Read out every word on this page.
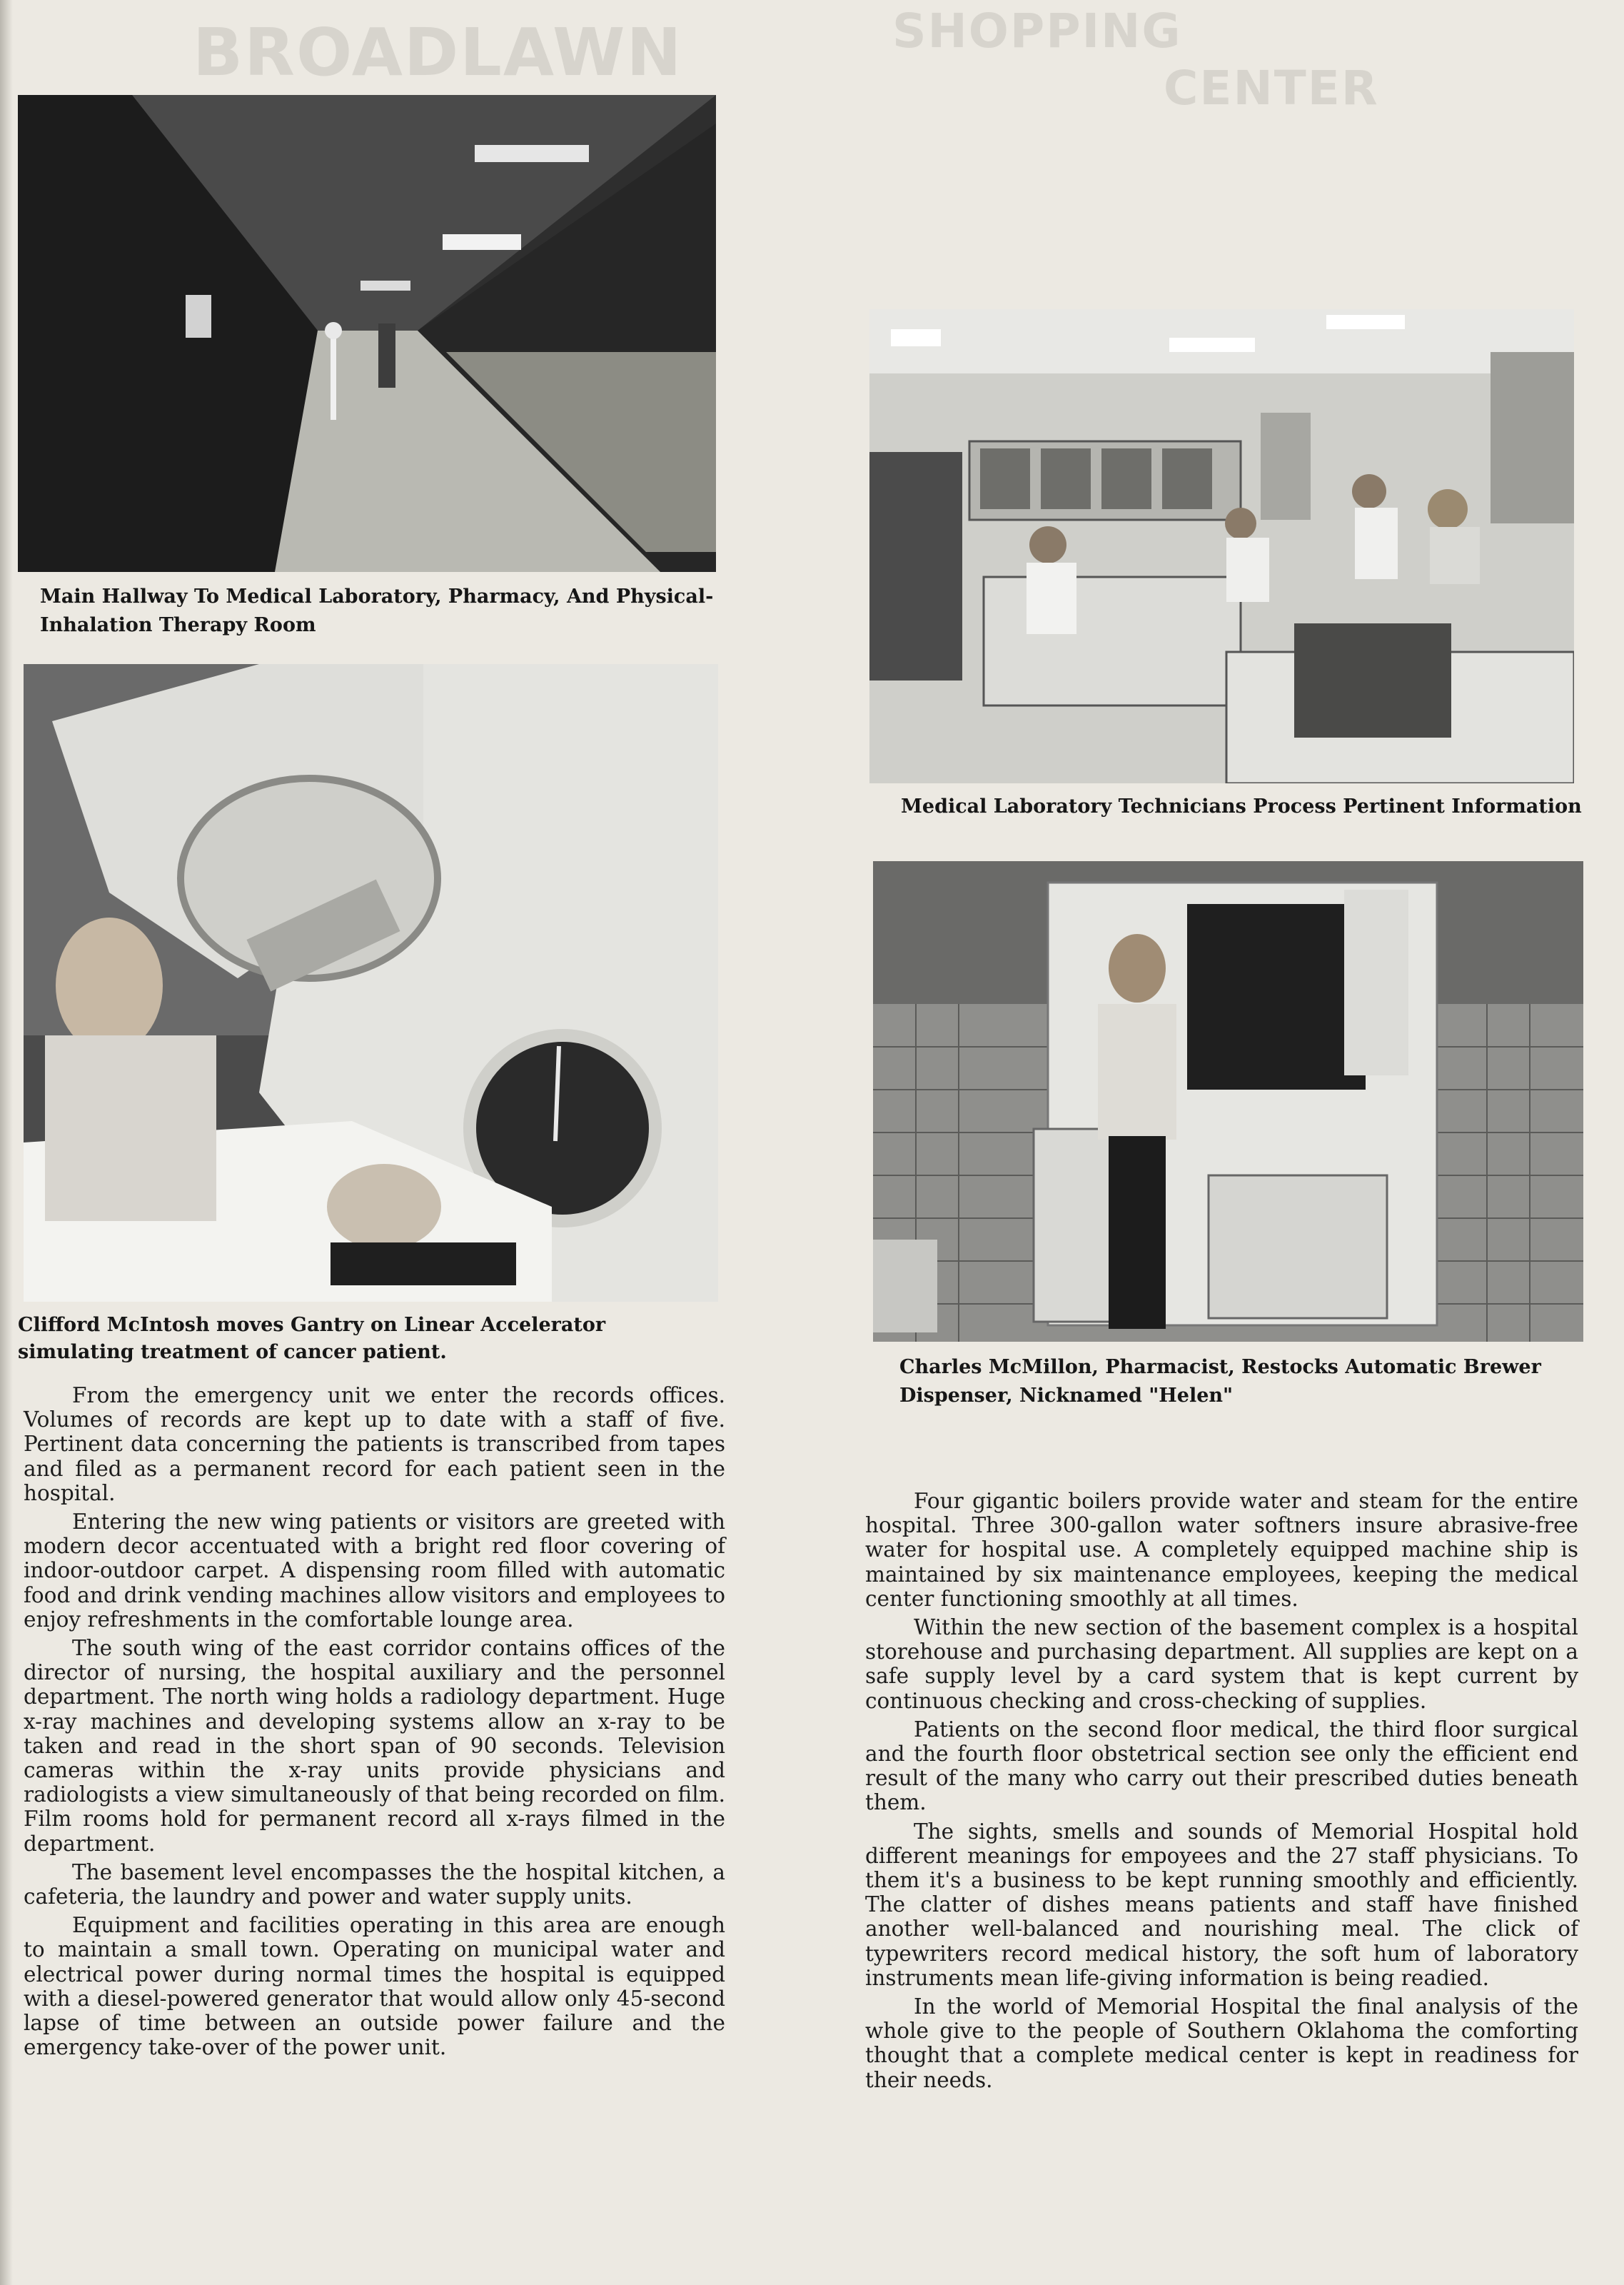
BROADLAWN	SHOPPING
CENTER
Main Hallway To Medical Laboratory, Pharmacy, And Physical-Inhalation Therapy Room
Clifford McIntosh moves Gantry on Linear Accelerator simulating treatment of cancer patient.
Medical Laboratory Technicians Process Pertinent Information
Charles McMillon, Pharmacist, Restocks Automatic Brewer Dispenser, Nicknamed "Helen"

From the emergency unit we enter the records offices. Volumes of records are kept up to date with a staff of five. Pertinent data concerning the patients is transcribed from tapes and filed as a permanent record for each patient seen in the hospital.

Entering the new wing patients or visitors are greeted with modern decor accentuated with a bright red floor covering of indoor-outdoor carpet. A dispensing room filled with automatic food and drink vending machines allow visitors and employees to enjoy refreshments in the comfortable lounge area.

The south wing of the east corridor contains offices of the director of nursing, the hospital auxiliary and the personnel department. The north wing holds a radiology department. Huge x-ray machines and developing systems allow an x-ray to be taken and read in the short span of 90 seconds. Television cameras within the x-ray units provide physicians and radiologists a view simultaneously of that being recorded on film. Film rooms hold for permanent record all x-rays filmed in the department.

The basement level encompasses the the hospital kitchen, a cafeteria, the laundry and power and water supply units.

Equipment and facilities operating in this area are enough to maintain a small town. Operating on municipal water and electrical power during normal times the hospital is equipped with a diesel-powered generator that would allow only 45-second lapse of time between an outside power failure and the emergency take-over of the power unit.

Four gigantic boilers provide water and steam for the entire hospital. Three 300-gallon water softners insure abrasive-free water for hospital use. A completely equipped machine ship is maintained by six maintenance employees, keeping the medical center functioning smoothly at all times.

Within the new section of the basement complex is a hospital storehouse and purchasing department. All supplies are kept on a safe supply level by a card system that is kept current by continuous checking and cross-checking of supplies.

Patients on the second floor medical, the third floor surgical and the fourth floor obstetrical section see only the efficient end result of the many who carry out their prescribed duties beneath them.

The sights, smells and sounds of Memorial Hospital hold different meanings for empoyees and the 27 staff physicians. To them it's a business to be kept running smoothly and efficiently. The clatter of dishes means patients and staff have finished another well-balanced and nourishing meal. The click of typewriters record medical history, the soft hum of laboratory instruments mean life-giving information is being readied.

In the world of Memorial Hospital the final analysis of the whole give to the people of Southern Oklahoma the comforting thought that a complete medical center is kept in readiness for their needs.
